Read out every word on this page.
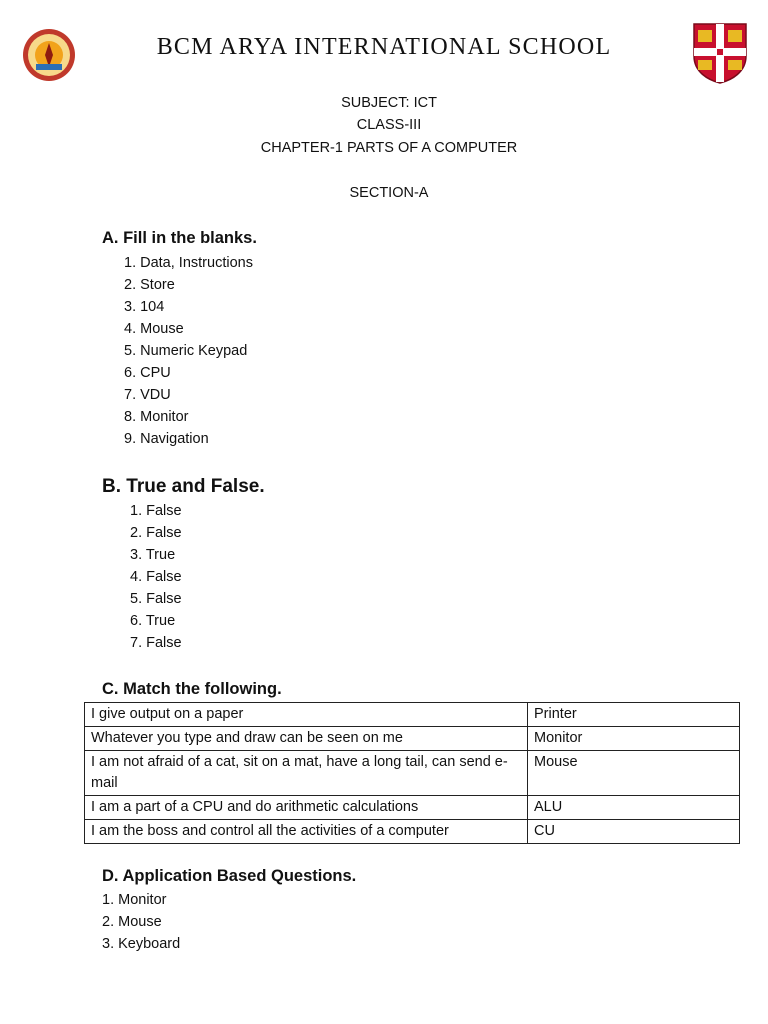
BCM ARYA INTERNATIONAL SCHOOL
SUBJECT: ICT
CLASS-III
CHAPTER-1 PARTS OF A COMPUTER
SECTION-A
A. Fill in the blanks.
1. Data, Instructions
2. Store
3. 104
4. Mouse
5. Numeric Keypad
6. CPU
7. VDU
8. Monitor
9. Navigation
B. True and False.
1. False
2. False
3. True
4. False
5. False
6. True
7. False
C. Match the following.
I give output on a paper	Printer
Whatever you type and draw can be seen on me	Monitor
I am not afraid of a cat, sit on a mat, have a long tail, can send e-mail	Mouse
I am a part of a CPU and do arithmetic calculations	ALU
I am the boss and control all the activities of a computer	CU
D. Application Based Questions.
1. Monitor
2. Mouse
3. Keyboard
